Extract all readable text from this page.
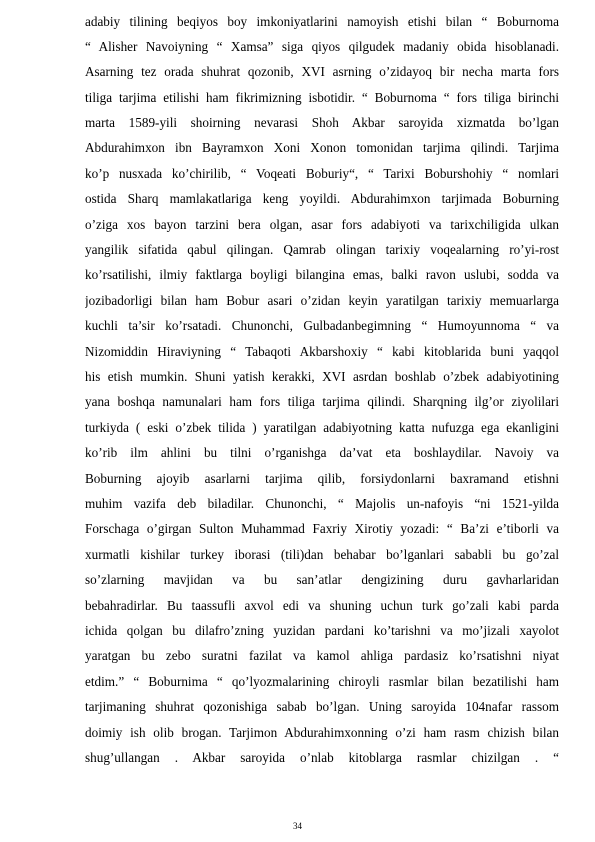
adabiy tilining beqiyos boy imkoniyatlarini namoyish etishi bilan “ Boburnoma
“ Alisher Navoiyning “ Xamsa” siga qiyos qilgudek madaniy obida hisoblanadi.
Asarning tez orada shuhrat qozonib, XVI asrning o’zidayoq bir necha marta fors
tiliga tarjima etilishi ham fikrimizning isbotidir. “ Boburnoma “ fors tiliga birinchi
marta 1589-yili shoirning nevarasi Shoh Akbar saroyida xizmatda bo’lgan
Abdurahimxon ibn Bayramxon Xoni Xonon tomonidan tarjima qilindi. Tarjima
ko’p nusxada ko’chirilib, “ Voqeati Boburiy“, “ Tarixi Boburshohiy “ nomlari
ostida Sharq mamlakatlariga keng yoyildi. Abdurahimxon tarjimada Boburning
o’ziga xos bayon tarzini bera olgan, asar fors adabiyoti va tarixchiligida ulkan
yangilik sifatida qabul qilingan. Qamrab olingan tarixiy voqealarning ro’yi-rost
ko’rsatilishi, ilmiy faktlarga boyligi bilangina emas, balki ravon uslubi, sodda va
jozibadorligi bilan ham Bobur asari o’zidan keyin yaratilgan tarixiy memuarlarga
kuchli ta’sir ko’rsatadi. Chunonchi, Gulbadanbegimning “ Humoyunnoma “ va
Nizomiddin Hiraviyning “ Tabaqoti Akbarshoxiy “ kabi kitoblarida buni yaqqol
his etish mumkin. Shuni yatish kerakki, XVI asrdan boshlab o’zbek adabiyotining
yana boshqa namunalari ham fors tiliga tarjima qilindi. Sharqning ilg’or ziyolilari
turkiyda ( eski o’zbek tilida ) yaratilgan adabiyotning katta nufuzga ega ekanligini
ko’rib ilm ahlini bu tilni o’rganishga da’vat eta boshlaydilar. Navoiy va
Boburning ajoyib asarlarni tarjima qilib, forsiydonlarni baxramand etishni
muhim vazifa deb biladilar. Chunonchi, “ Majolis un-nafoyis “ni 1521-yilda
Forschaga o’girgan Sulton Muhammad Faxriy Xirotiy yozadi: “ Ba’zi e’tiborli va
xurmatli kishilar turkey iborasi (tili)dan behabar bo’lganlari sababli bu go’zal
so’zlarning mavjidan va bu san’atlar dengizining duru gavharlaridan
bebahradirlar. Bu taassufli axvol edi va shuning uchun turk go’zali kabi parda
ichida qolgan bu dilafro’zning yuzidan pardani ko’tarishni va mo’jizali xayolot
yaratgan bu zebo suratni fazilat va kamol ahliga pardasiz ko’rsatishni niyat
etdim.” “ Boburnima “ qo’lyozmalarining chiroyli rasmlar bilan bezatilishi ham
tarjimaning shuhrat qozonishiga sabab bo’lgan. Uning saroyida 104nafar rassom
doimiy ish olib brogan. Tarjimon Abdurahimxonning o’zi ham rasm chizish bilan
shug’ullangan . Akbar saroyida o’nlab kitoblarga rasmlar chizilgan . “
34
